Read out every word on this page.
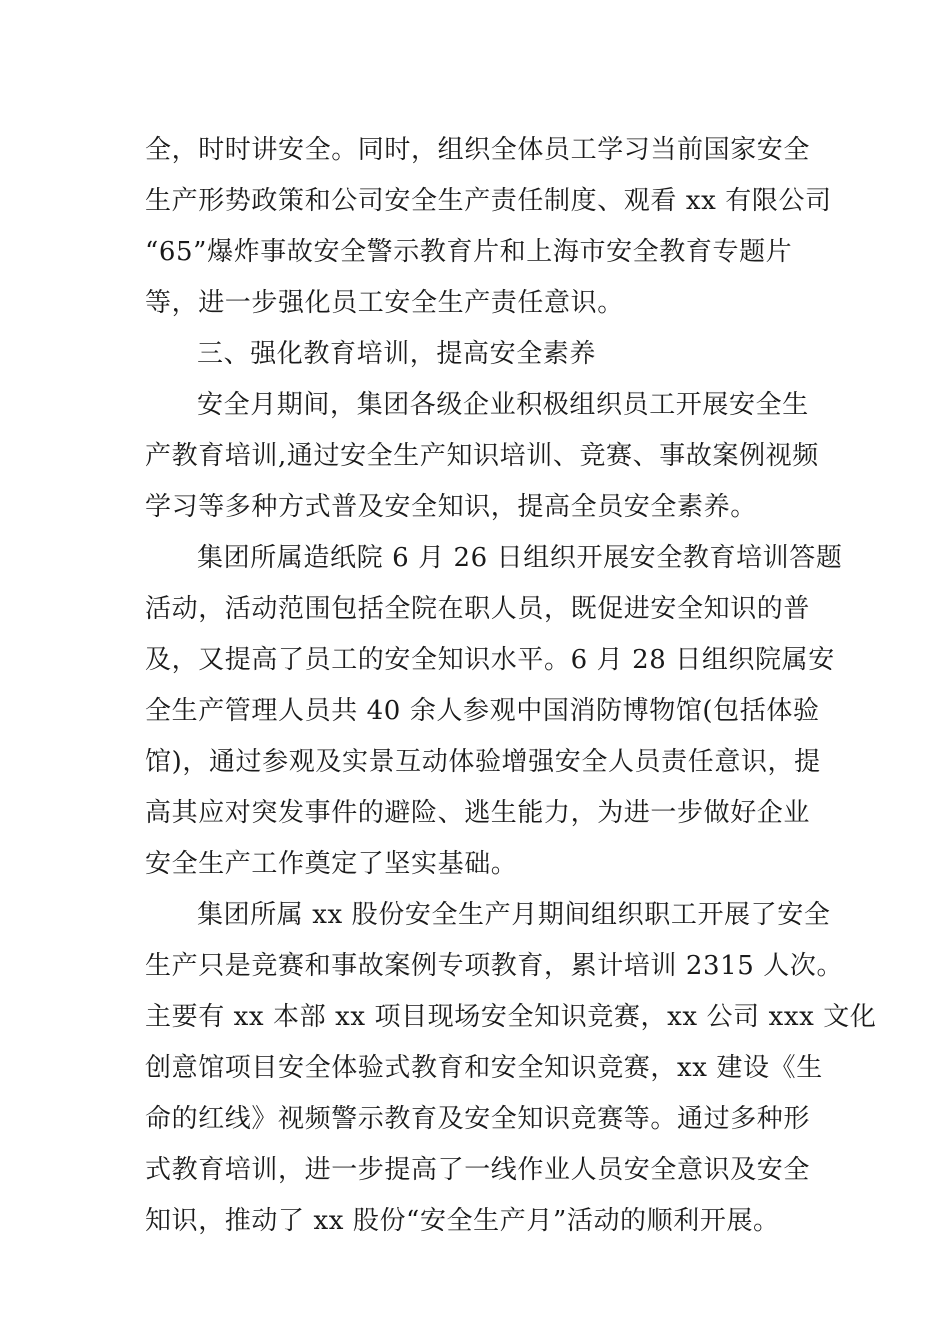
全，时时讲安全。同时，组织全体员工学习当前国家安全
生产形势政策和公司安全生产责任制度、观看 xx 有限公司
“65”爆炸事故安全警示教育片和上海市安全教育专题片
等，进一步强化员工安全生产责任意识。
三、强化教育培训，提高安全素养
安全月期间，集团各级企业积极组织员工开展安全生
产教育培训,通过安全生产知识培训、竞赛、事故案例视频
学习等多种方式普及安全知识，提高全员安全素养。
集团所属造纸院 6 月 26 日组织开展安全教育培训答题
活动，活动范围包括全院在职人员，既促进安全知识的普
及，又提高了员工的安全知识水平。6 月 28 日组织院属安
全生产管理人员共 40 余人参观中国消防博物馆(包括体验
馆)，通过参观及实景互动体验增强安全人员责任意识，提
高其应对突发事件的避险、逃生能力，为进一步做好企业
安全生产工作奠定了坚实基础。
集团所属 xx 股份安全生产月期间组织职工开展了安全
生产只是竞赛和事故案例专项教育，累计培训 2315 人次。
主要有 xx 本部 xx 项目现场安全知识竞赛，xx 公司 xxx 文化
创意馆项目安全体验式教育和安全知识竞赛，xx 建设《生
命的红线》视频警示教育及安全知识竞赛等。通过多种形
式教育培训，进一步提高了一线作业人员安全意识及安全
知识，推动了 xx 股份“安全生产月”活动的顺利开展。
